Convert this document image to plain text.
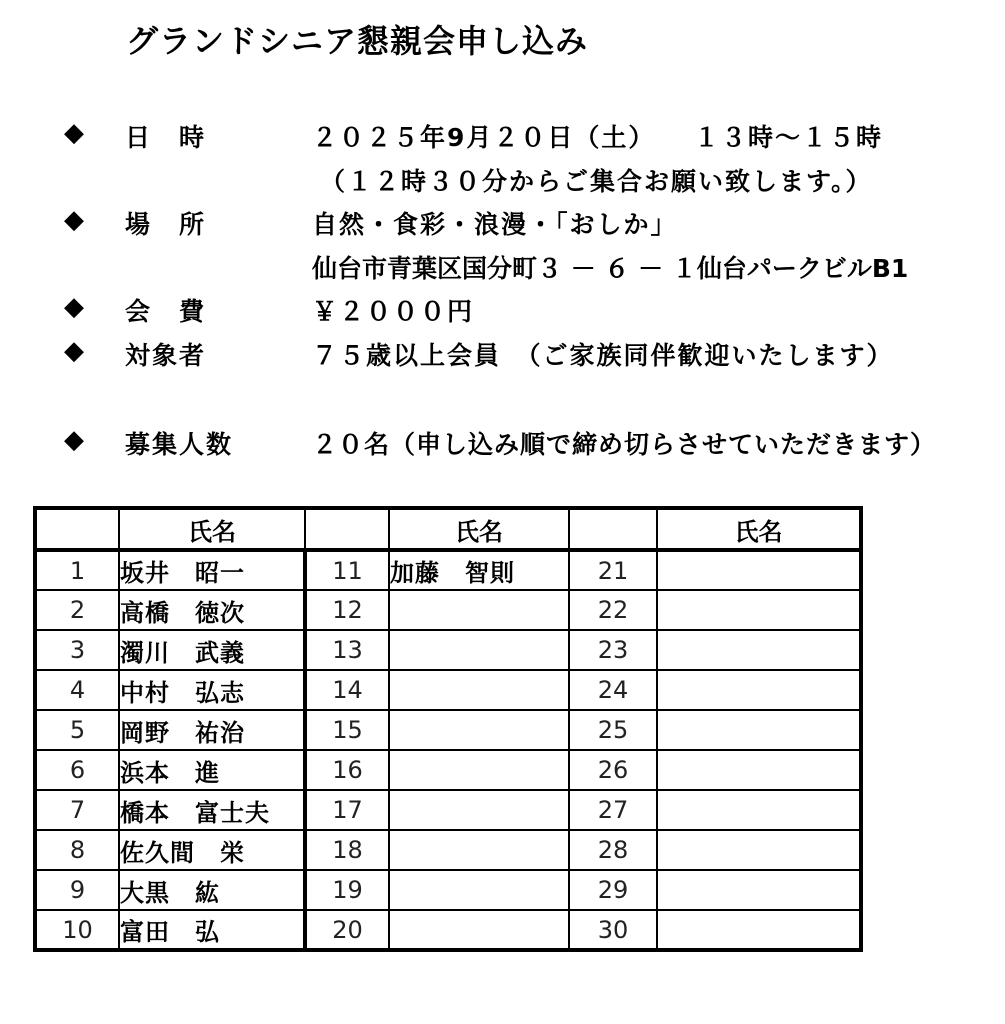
グランドシニア懇親会申し込み
◆ 日　時	２０２５年9月２０日（土） １３時～１５時
（１２時３０分からご集合お願い致します。）
◆ 場　所	自然・食彩・浪漫・「おしか」
仙台市青葉区国分町３ － ６ － １仙台パークビルB1
◆ 会　費	￥２０００円
◆ 対象者	７５歳以上会員　（ご家族同伴歓迎いたします）
◆ 募集人数	２０名（申し込み順で締め切らさせていただきます）
	氏名		氏名		氏名
1	坂井　昭一	11	加藤　智則	21	
2	高橋　徳次	12		22	
3	濁川　武義	13		23	
4	中村　弘志	14		24	
5	岡野　祐治	15		25	
6	浜本　進	16		26	
7	橋本　富士夫	17		27	
8	佐久間　栄	18		28	
9	大黒　紘	19		29	
10	富田　弘	20		30	
